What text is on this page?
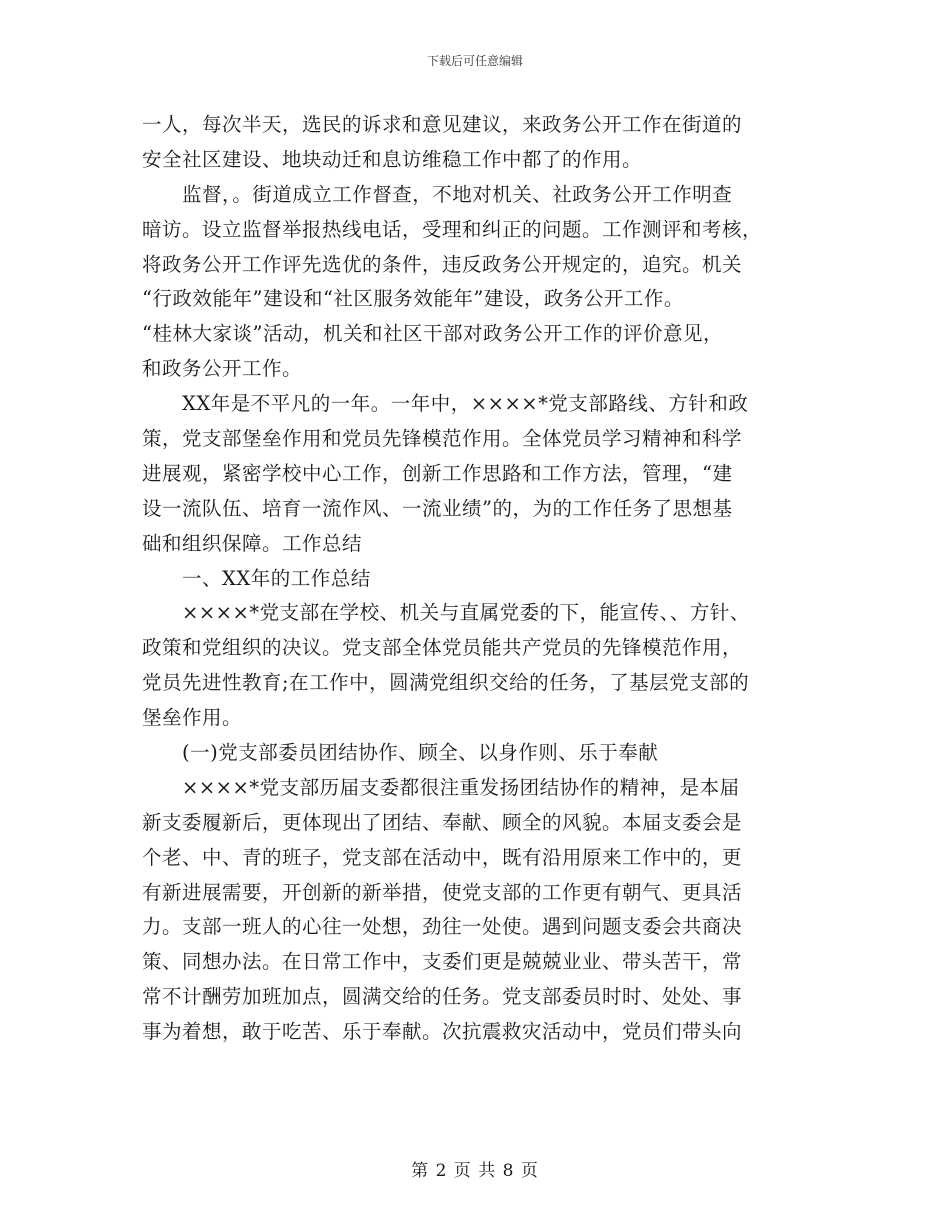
下载后可任意编辑
一人，每次半天，选民的诉求和意见建议，来政务公开工作在街道的
安全社区建设、地块动迁和息访维稳工作中都了的作用。
　　监督，。街道成立工作督查，不地对机关、社政务公开工作明查
暗访。设立监督举报热线电话，受理和纠正的问题。工作测评和考核，
将政务公开工作评先选优的条件，违反政务公开规定的，追究。机关
“行政效能年”建设和“社区服务效能年”建设，政务公开工作。
“桂林大家谈”活动，机关和社区干部对政务公开工作的评价意见，
和政务公开工作。
　　XX年是不平凡的一年。一年中，××××*党支部路线、方针和政
策，党支部堡垒作用和党员先锋模范作用。全体党员学习精神和科学
进展观，紧密学校中心工作，创新工作思路和工作方法，管理，“建
设一流队伍、培育一流作风、一流业绩”的，为的工作任务了思想基
础和组织保障。工作总结
　　一、XX年的工作总结
　　××××*党支部在学校、机关与直属党委的下，能宣传、、方针、
政策和党组织的决议。党支部全体党员能共产党员的先锋模范作用，
党员先进性教育;在工作中，圆满党组织交给的任务，了基层党支部的
堡垒作用。
　　(一)党支部委员团结协作、顾全、以身作则、乐于奉献
　　××××*党支部历届支委都很注重发扬团结协作的精神，是本届
新支委履新后，更体现出了团结、奉献、顾全的风貌。本届支委会是
个老、中、青的班子，党支部在活动中，既有沿用原来工作中的，更
有新进展需要，开创新的新举措，使党支部的工作更有朝气、更具活
力。支部一班人的心往一处想，劲往一处使。遇到问题支委会共商决
策、同想办法。在日常工作中，支委们更是兢兢业业、带头苦干，常
常不计酬劳加班加点，圆满交给的任务。党支部委员时时、处处、事
事为着想，敢于吃苦、乐于奉献。次抗震救灾活动中，党员们带头向
第 2 页 共 8 页
